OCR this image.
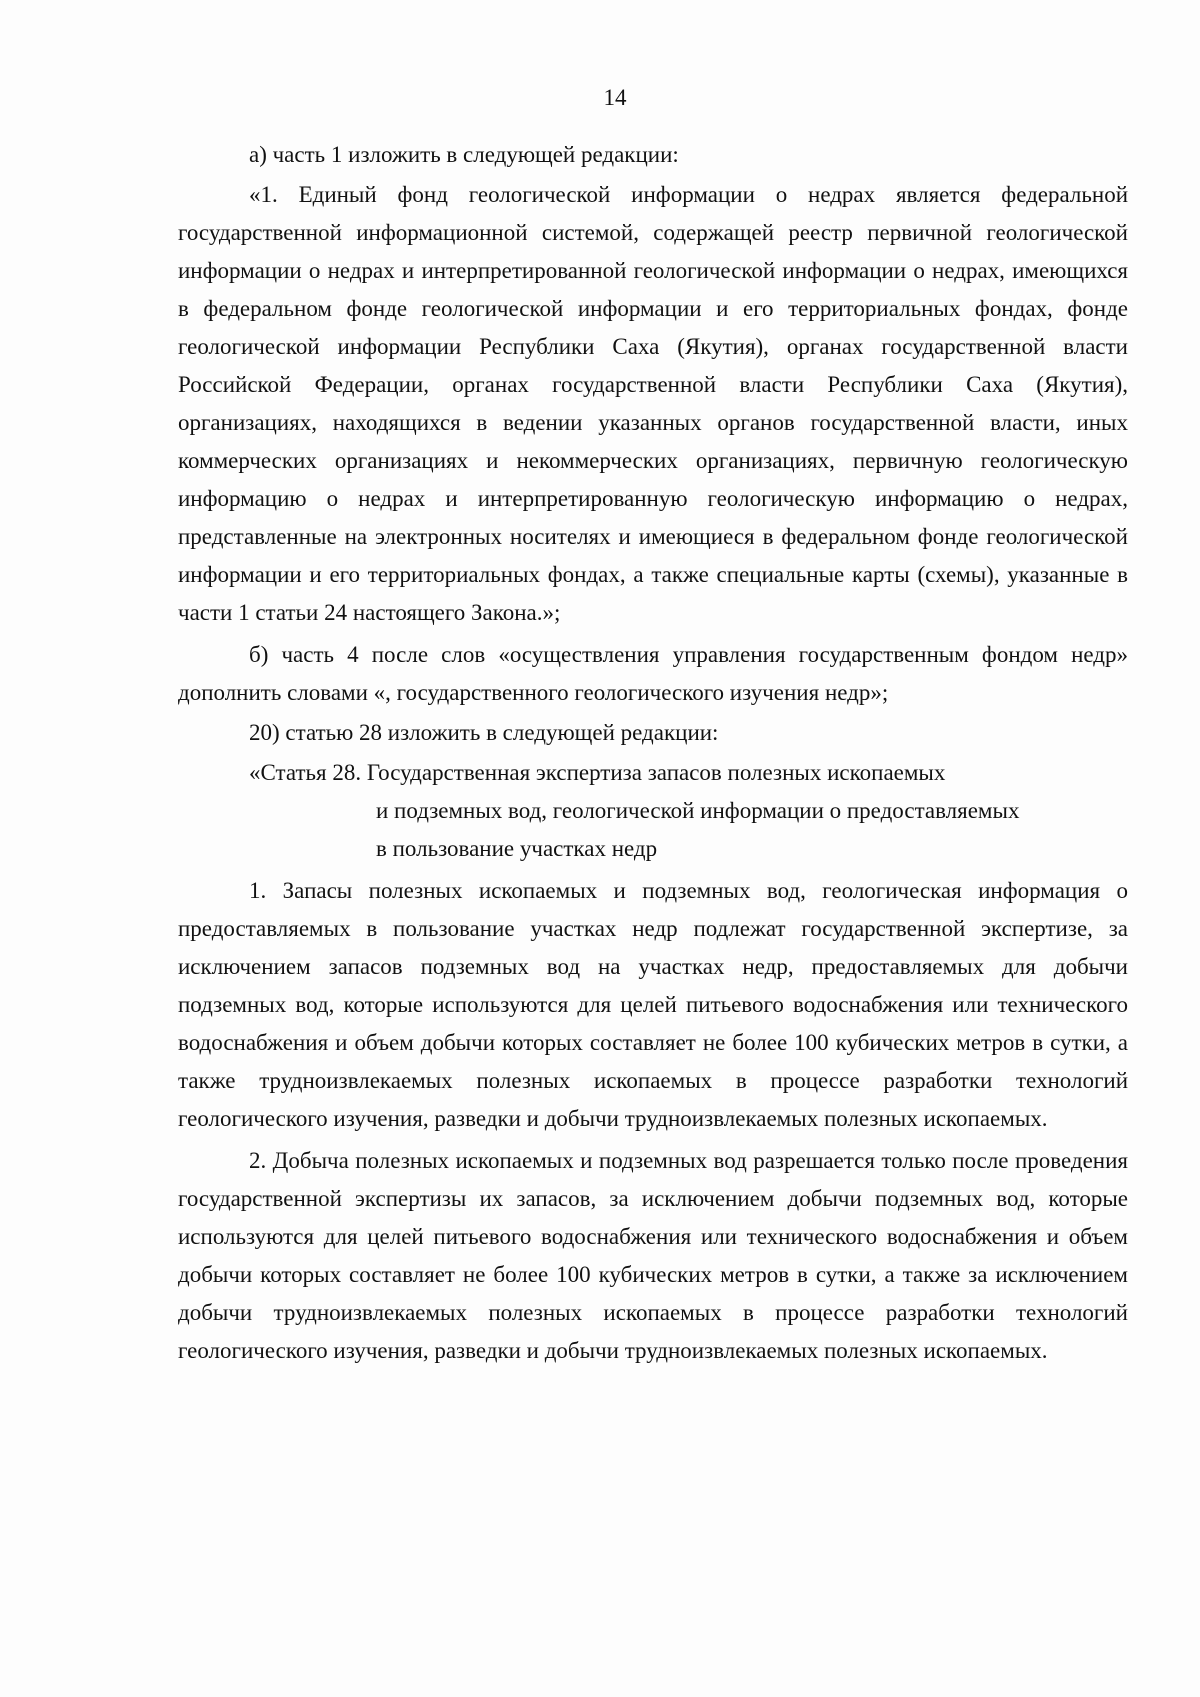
14

а) часть 1 изложить в следующей редакции:

«1. Единый фонд геологической информации о недрах является федеральной государственной информационной системой, содержащей реестр первичной геологической информации о недрах и интерпретированной геологической информации о недрах, имеющихся в федеральном фонде геологической информации и его территориальных фондах, фонде геологической информации Республики Саха (Якутия), органах государственной власти Российской Федерации, органах государственной власти Республики Саха (Якутия), организациях, находящихся в ведении указанных органов государственной власти, иных коммерческих организациях и некоммерческих организациях, первичную геологическую информацию о недрах и интерпретированную геологическую информацию о недрах, представленные на электронных носителях и имеющиеся в федеральном фонде геологической информации и его территориальных фондах, а также специальные карты (схемы), указанные в части 1 статьи 24 настоящего Закона.»;

б) часть 4 после слов «осуществления управления государственным фондом недр» дополнить словами «, государственного геологического изучения недр»;

20) статью 28 изложить в следующей редакции:

«Статья 28. Государственная экспертиза запасов полезных ископаемых
и подземных вод, геологической информации о предоставляемых
в пользование участках недр

1. Запасы полезных ископаемых и подземных вод, геологическая информация о предоставляемых в пользование участках недр подлежат государственной экспертизе, за исключением запасов подземных вод на участках недр, предоставляемых для добычи подземных вод, которые используются для целей питьевого водоснабжения или технического водоснабжения и объем добычи которых составляет не более 100 кубических метров в сутки, а также трудноизвлекаемых полезных ископаемых в процессе разработки технологий геологического изучения, разведки и добычи трудноизвлекаемых полезных ископаемых.

2. Добыча полезных ископаемых и подземных вод разрешается только после проведения государственной экспертизы их запасов, за исключением добычи подземных вод, которые используются для целей питьевого водоснабжения или технического водоснабжения и объем добычи которых составляет не более 100 кубических метров в сутки, а также за исключением добычи трудноизвлекаемых полезных ископаемых в процессе разработки технологий геологического изучения, разведки и добычи трудноизвлекаемых полезных ископаемых.
